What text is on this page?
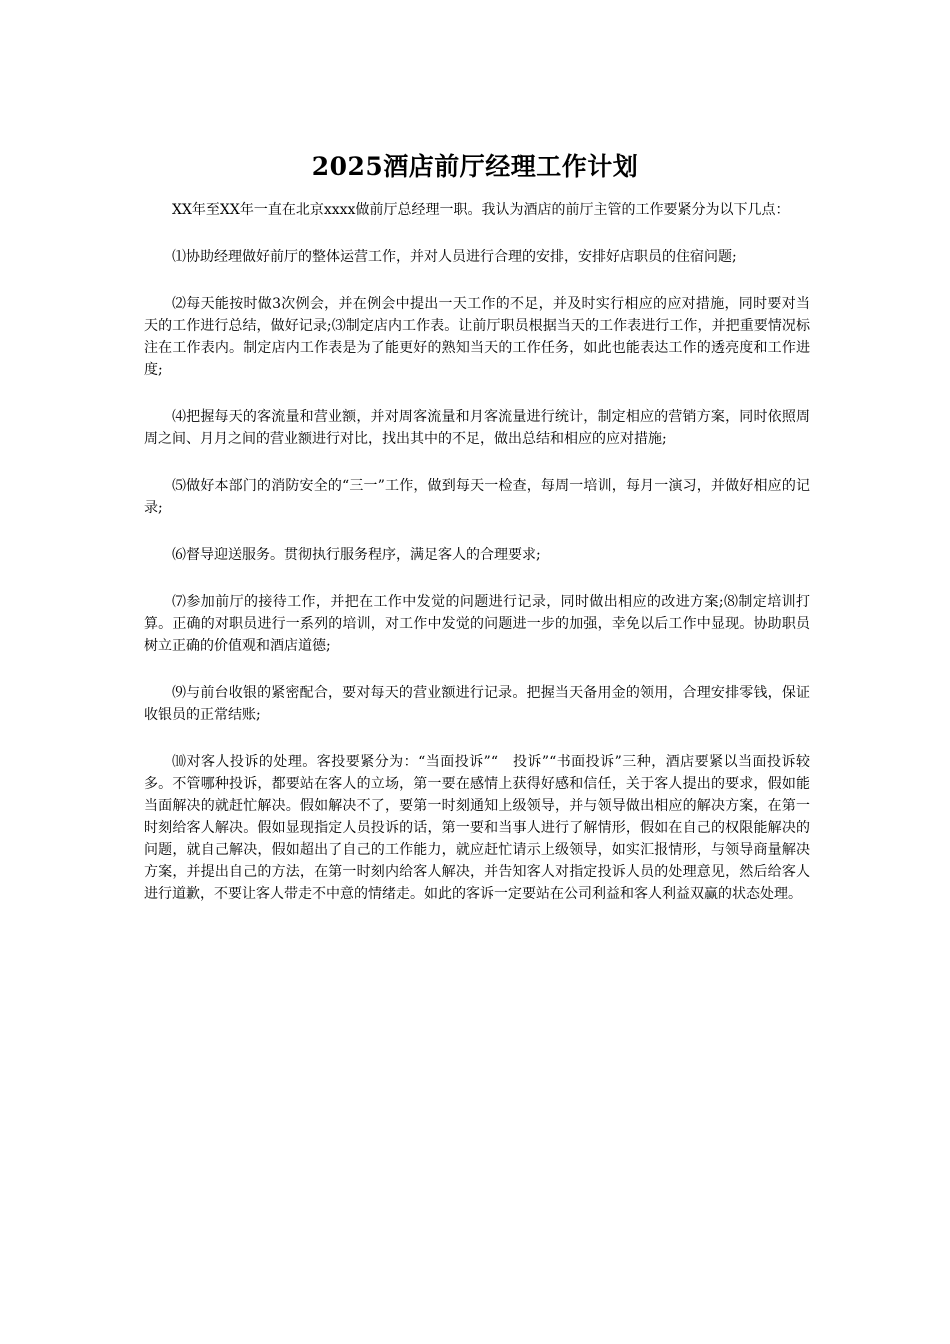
2025酒店前厅经理工作计划

XX年至XX年一直在北京xxxx做前厅总经理一职。我认为酒店的前厅主管的工作要紧分为以下几点：

⑴协助经理做好前厅的整体运营工作，并对人员进行合理的安排，安排好店职员的住宿问题;

⑵每天能按时做3次例会，并在例会中提出一天工作的不足，并及时实行相应的应对措施，同时要对当天的工作进行总结，做好记录;⑶制定店内工作表。让前厅职员根据当天的工作表进行工作，并把重要情况标注在工作表内。制定店内工作表是为了能更好的熟知当天的工作任务，如此也能表达工作的透亮度和工作进度;

⑷把握每天的客流量和营业额，并对周客流量和月客流量进行统计，制定相应的营销方案，同时依照周周之间、月月之间的营业额进行对比，找出其中的不足，做出总结和相应的应对措施;

⑸做好本部门的消防安全的“三一”工作，做到每天一检查，每周一培训，每月一演习，并做好相应的记录;

⑹督导迎送服务。贯彻执行服务程序，满足客人的合理要求;

⑺参加前厅的接待工作，并把在工作中发觉的问题进行记录，同时做出相应的改进方案;⑻制定培训打算。正确的对职员进行一系列的培训，对工作中发觉的问题进一步的加强，幸免以后工作中显现。协助职员树立正确的价值观和酒店道德;

⑼与前台收银的紧密配合，要对每天的营业额进行记录。把握当天备用金的领用，合理安排零钱，保证收银员的正常结账;

⑽对客人投诉的处理。客投要紧分为：“当面投诉”“　投诉”“书面投诉”三种，酒店要紧以当面投诉较多。不管哪种投诉，都要站在客人的立场，第一要在感情上获得好感和信任，关于客人提出的要求，假如能当面解决的就赶忙解决。假如解决不了，要第一时刻通知上级领导，并与领导做出相应的解决方案，在第一时刻给客人解决。假如显现指定人员投诉的话，第一要和当事人进行了解情形，假如在自己的权限能解决的问题，就自己解决，假如超出了自己的工作能力，就应赶忙请示上级领导，如实汇报情形，与领导商量解决方案，并提出自己的方法，在第一时刻内给客人解决，并告知客人对指定投诉人员的处理意见，然后给客人进行道歉，不要让客人带走不中意的情绪走。如此的客诉一定要站在公司利益和客人利益双赢的状态处理。
